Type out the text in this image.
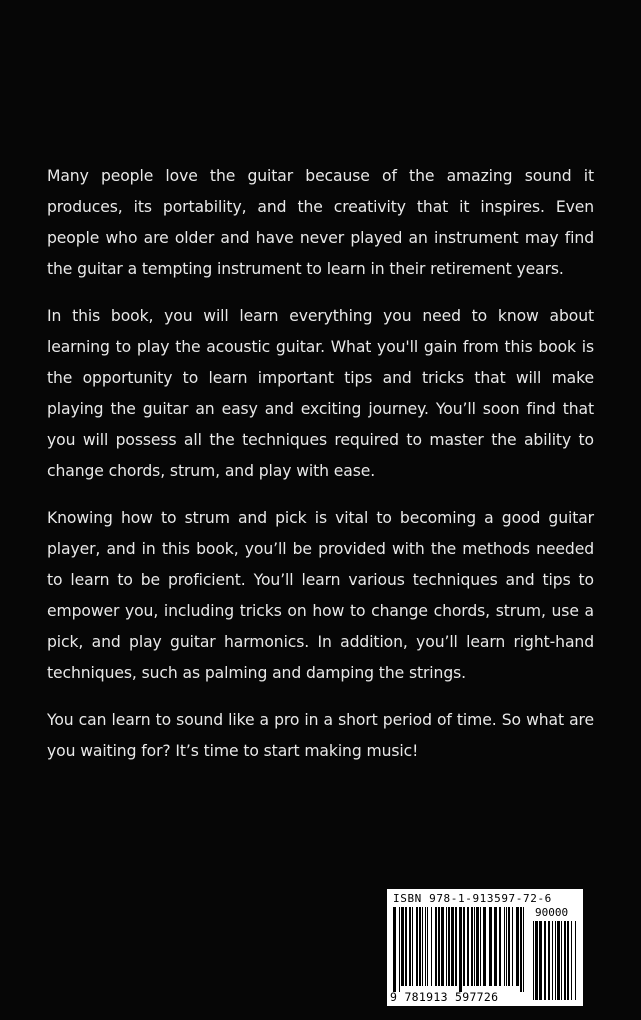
Many people love the guitar because of the amazing sound it produces, its portability, and the creativity that it inspires. Even people who are older and have never played an instrument may find the guitar a tempting instrument to learn in their retirement years.

In this book, you will learn everything you need to know about learning to play the acoustic guitar. What you'll gain from this book is the opportunity to learn important tips and tricks that will make playing the guitar an easy and exciting journey. You’ll soon find that you will possess all the techniques required to master the ability to change chords, strum, and play with ease.

Knowing how to strum and pick is vital to becoming a good guitar player, and in this book, you’ll be provided with the methods needed to learn to be proficient. You’ll learn various techniques and tips to empower you, including tricks on how to change chords, strum, use a pick, and play guitar harmonics. In addition, you’ll learn right-hand techniques, such as palming and damping the strings.

You can learn to sound like a pro in a short period of time. So what are you waiting for? It’s time to start making music!

ISBN 978-1-913597-72-6
90000
9 781913 597726
